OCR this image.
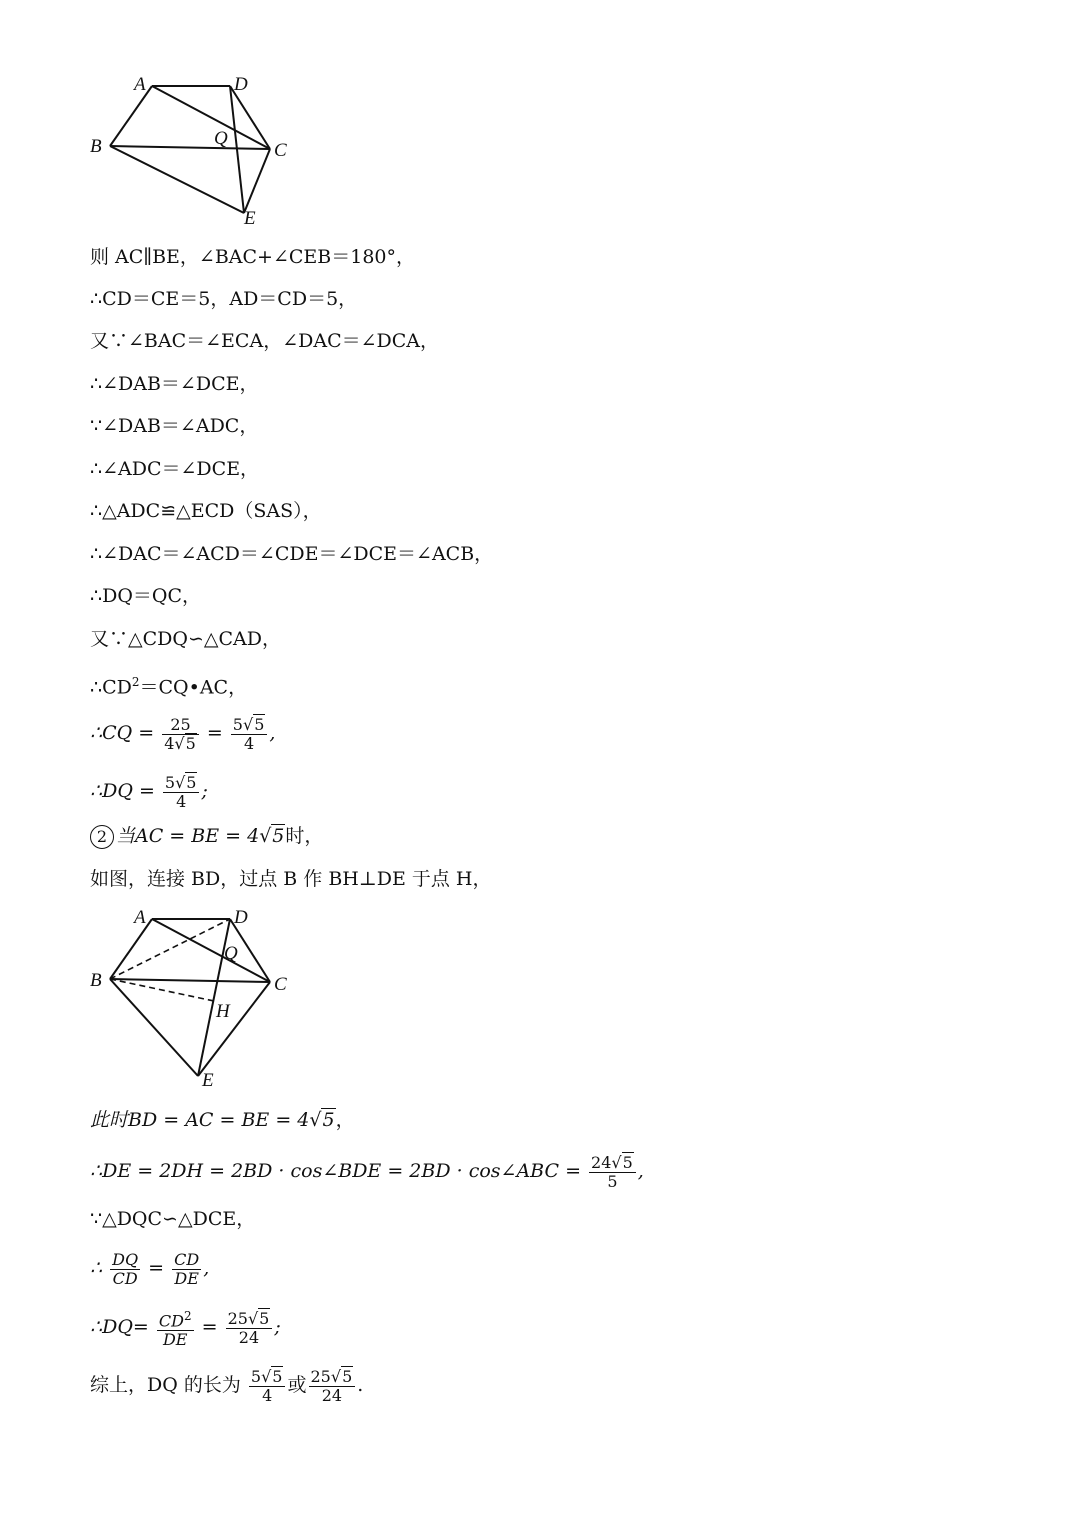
A	D
B	Q
C
E
则 AC∥BE，∠BAC+∠CEB＝180°，
∴CD＝CE＝5，AD＝CD＝5，
又∵∠BAC＝∠ECA，∠DAC＝∠DCA，
∴∠DAB＝∠DCE，
∵∠DAB＝∠ADC，
∴∠ADC＝∠DCE，
∴△ADC≌△ECD（SAS），
∴∠DAC＝∠ACD＝∠CDE＝∠DCE＝∠ACB，
∴DQ＝QC，
又∵△CDQ∽△CAD，
$\therefore CD^2=CQ•AC$，
∴CQ = $\frac{25}{4√5} = \frac{5√5}{4}$ ,
∴DQ = $\frac{5√5}{4}$ ;
2 当AC = BE = 4√5时，
如图，连接 BD，过点 B 作 BH⊥DE 于点 H，
A	D
B
Q
C
H
E
此时BD = AC = BE = 4√5，
∴DE = 2DH = 2BD · cos∠BDE = 2BD · cos∠ABC = $\frac{24√5}{5}$ ,
∵△DQC∽△DCE，
∴ $\frac{DQ}{CD} = \frac{CD}{DE}$ ,
∴DQ= $\frac{CD^2}{DE} = \frac{25√5}{24}$ ;
综上，DQ 的长为 $\frac{5√5}{4}$ 或 $\frac{25√5}{24}$ .
